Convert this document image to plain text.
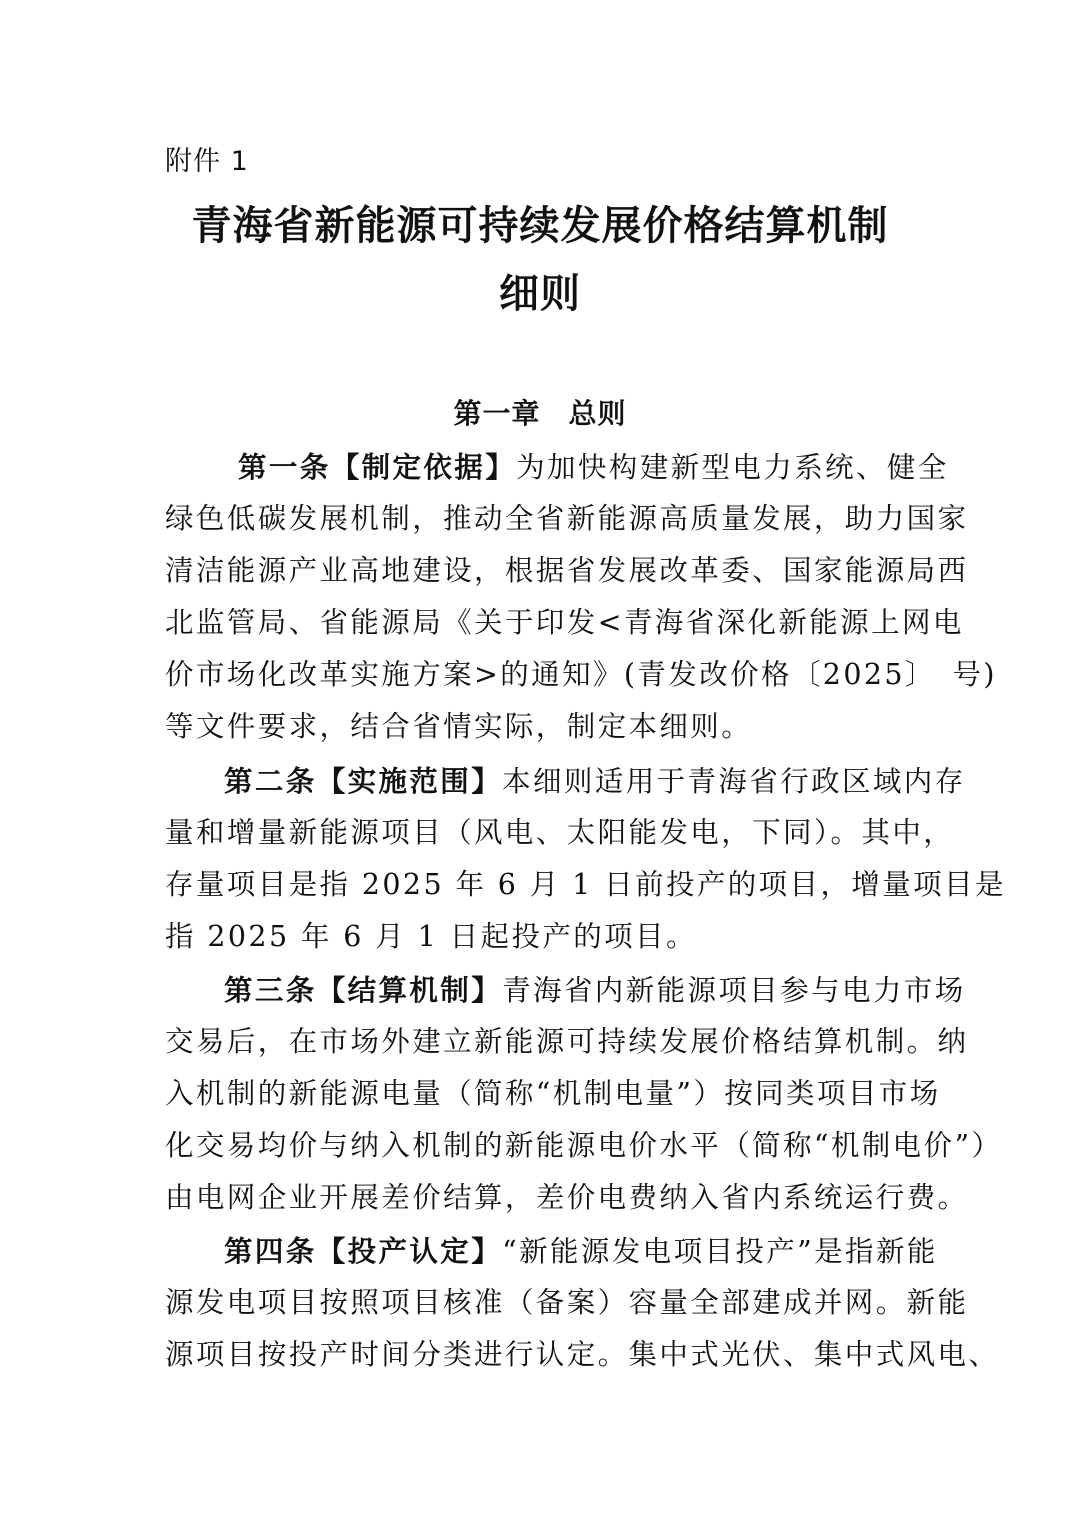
附件 1
青海省新能源可持续发展价格结算机制
细则
第一章 总则
第一条【制定依据】为加快构建新型电力系统、健全
绿色低碳发展机制，推动全省新能源高质量发展，助力国家
清洁能源产业高地建设，根据省发展改革委、国家能源局西
北监管局、省能源局《关于印发<青海省深化新能源上网电
价市场化改革实施方案>的通知》(青发改价格〔2025〕　号)
等文件要求，结合省情实际，制定本细则。
第二条【实施范围】本细则适用于青海省行政区域内存
量和增量新能源项目（风电、太阳能发电，下同）。其中，
存量项目是指 2025 年 6 月 1 日前投产的项目，增量项目是
指 2025 年 6 月 1 日起投产的项目。
第三条【结算机制】青海省内新能源项目参与电力市场
交易后，在市场外建立新能源可持续发展价格结算机制。纳
入机制的新能源电量（简称“机制电量”）按同类项目市场
化交易均价与纳入机制的新能源电价水平（简称“机制电价”）
由电网企业开展差价结算，差价电费纳入省内系统运行费。
第四条【投产认定】“新能源发电项目投产”是指新能
源发电项目按照项目核准（备案）容量全部建成并网。新能
源项目按投产时间分类进行认定。集中式光伏、集中式风电、
